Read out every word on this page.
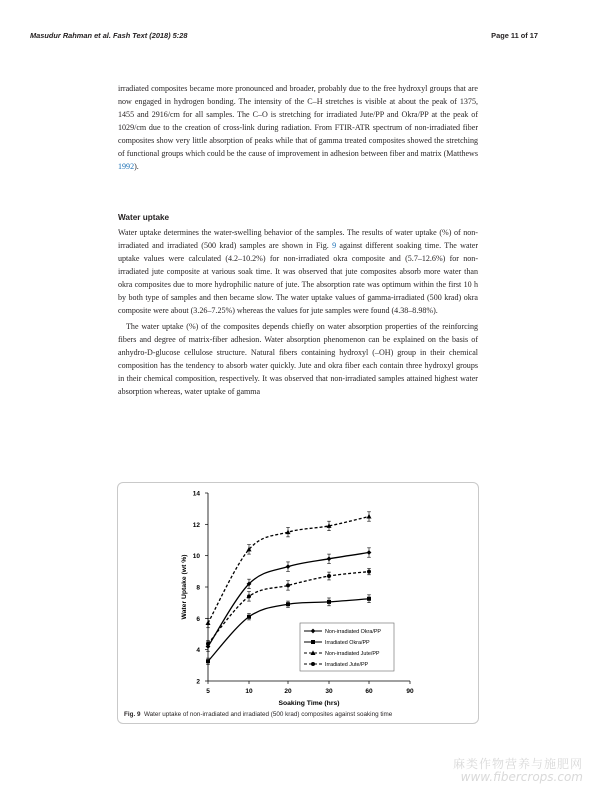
Masudur Rahman et al. Fash Text (2018) 5:28	Page 11 of 17

irradiated composites became more pronounced and broader, probably due to the free hydroxyl groups that are now engaged in hydrogen bonding. The intensity of the C–H stretches is visible at about the peak of 1375, 1455 and 2916/cm for all samples. The C–O is stretching for irradiated Jute/PP and Okra/PP at the peak of 1029/cm due to the creation of cross-link during radiation. From FTIR-ATR spectrum of non-irradiated fiber composites show very little absorption of peaks while that of gamma treated composites showed the stretching of functional groups which could be the cause of improvement in adhesion between fiber and matrix (Matthews 1992).

Water uptake

Water uptake determines the water-swelling behavior of the samples. The results of water uptake (%) of non-irradiated and irradiated (500 krad) samples are shown in Fig. 9 against different soaking time. The water uptake values were calculated (4.2–10.2%) for non-irradiated okra composite and (5.7–12.6%) for non-irradiated jute composite at various soak time. It was observed that jute composites absorb more water than okra composites due to more hydrophilic nature of jute. The absorption rate was optimum within the first 10 h by both type of samples and then became slow. The water uptake values of gamma-irradiated (500 krad) okra composite were about (3.26–7.25%) whereas the values for jute samples were found (4.38–8.98%).

The water uptake (%) of the composites depends chiefly on water absorption properties of the reinforcing fibers and degree of matrix-fiber adhesion. Water absorption phenomenon can be explained on the basis of anhydro-D-glucose cellulose structure. Natural fibers containing hydroxyl (–OH) group in their chemical composition has the tendency to absorb water quickly. Jute and okra fiber each contain three hydroxyl groups in their chemical composition, respectively. It was observed that non-irradiated samples attained highest water absorption whereas, water uptake of gamma

2
4
6
8
10
12
14
5	10	20	30	60	90
Soaking Time (hrs)
Water Uptake (wt %)
Non-irradiated Okra/PP
Irradiated Okra/PP
Non-irradiated Jute/PP
Irradiated Jute/PP
Fig. 9 Water uptake of non-irradiated and irradiated (500 krad) composites against soaking time
麻类作物营养与施肥网
www.fibercrops.com
